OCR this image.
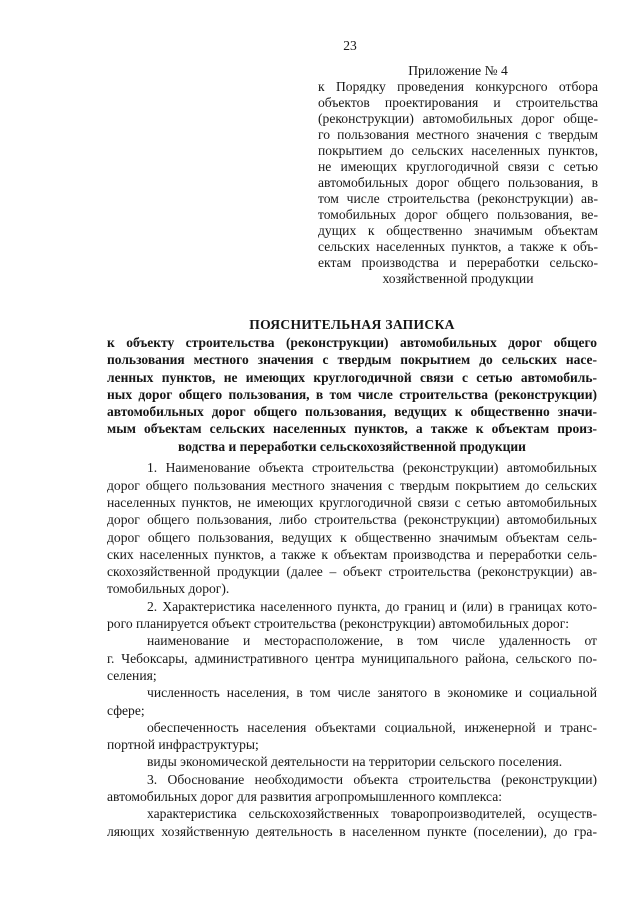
23
Приложение № 4
к Порядку проведения конкурсного отбора
объектов проектирования и строительства
(реконструкции) автомобильных дорог обще-
го пользования местного значения с твердым
покрытием до сельских населенных пунктов,
не имеющих круглогодичной связи с сетью
автомобильных дорог общего пользования, в
том числе строительства (реконструкции) ав-
томобильных дорог общего пользования, ве-
дущих к общественно значимым объектам
сельских населенных пунктов, а также к объ-
ектам производства и переработки сельско-
хозяйственной продукции
ПОЯСНИТЕЛЬНАЯ ЗАПИСКА
к объекту строительства (реконструкции) автомобильных дорог общего
пользования местного значения с твердым покрытием до сельских насе-
ленных пунктов, не имеющих круглогодичной связи с сетью автомобиль-
ных дорог общего пользования, в том числе строительства (реконструкции)
автомобильных дорог общего пользования, ведущих к общественно значи-
мым объектам сельских населенных пунктов, а также к объектам произ-
водства и переработки сельскохозяйственной продукции
1. Наименование объекта строительства (реконструкции) автомобильных
дорог общего пользования местного значения с твердым покрытием до сельских
населенных пунктов, не имеющих круглогодичной связи с сетью автомобильных
дорог общего пользования, либо строительства (реконструкции) автомобильных
дорог общего пользования, ведущих к общественно значимым объектам сель-
ских населенных пунктов, а также к объектам производства и переработки сель-
скохозяйственной продукции (далее – объект строительства (реконструкции) ав-
томобильных дорог).
2. Характеристика населенного пункта, до границ и (или) в границах кото-
рого планируется объект строительства (реконструкции) автомобильных дорог:
наименование и месторасположение, в том числе удаленность от
г. Чебоксары, административного центра муниципального района, сельского по-
селения;
численность населения, в том числе занятого в экономике и социальной
сфере;
обеспеченность населения объектами социальной, инженерной и транс-
портной инфраструктуры;
виды экономической деятельности на территории сельского поселения.
3. Обоснование необходимости объекта строительства (реконструкции)
автомобильных дорог для развития агропромышленного комплекса:
характеристика сельскохозяйственных товаропроизводителей, осуществ-
ляющих хозяйственную деятельность в населенном пункте (поселении), до гра-
